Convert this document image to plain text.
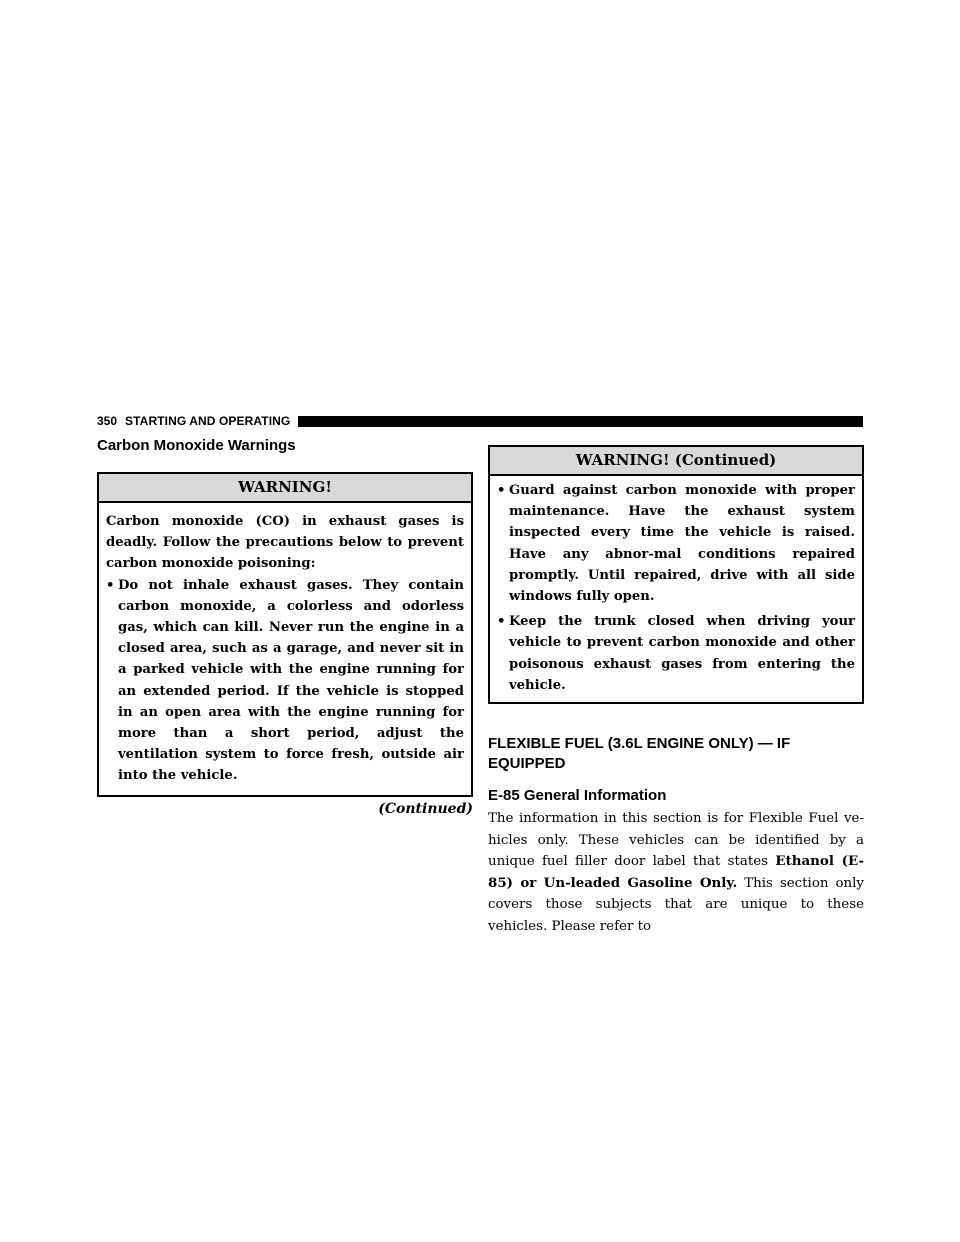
350 STARTING AND OPERATING
Carbon Monoxide Warnings
WARNING!

Carbon monoxide (CO) in exhaust gases is deadly. Follow the precautions below to prevent carbon monoxide poisoning:

• Do not inhale exhaust gases. They contain carbon monoxide, a colorless and odorless gas, which can kill. Never run the engine in a closed area, such as a garage, and never sit in a parked vehicle with the engine running for an extended period. If the vehicle is stopped in an open area with the engine running for more than a short period, adjust the ventilation system to force fresh, outside air into the vehicle.
(Continued)
WARNING! (Continued)
• Guard against carbon monoxide with proper maintenance. Have the exhaust system inspected every time the vehicle is raised. Have any abnor-mal conditions repaired promptly. Until repaired, drive with all side windows fully open.
• Keep the trunk closed when driving your vehicle to prevent carbon monoxide and other poisonous exhaust gases from entering the vehicle.
FLEXIBLE FUEL (3.6L ENGINE ONLY) — IF
EQUIPPED
E-85 General Information

The information in this section is for Flexible Fuel ve-hicles only. These vehicles can be identified by a unique fuel filler door label that states Ethanol (E-85) or Un-leaded Gasoline Only. This section only covers those subjects that are unique to these vehicles. Please refer to
